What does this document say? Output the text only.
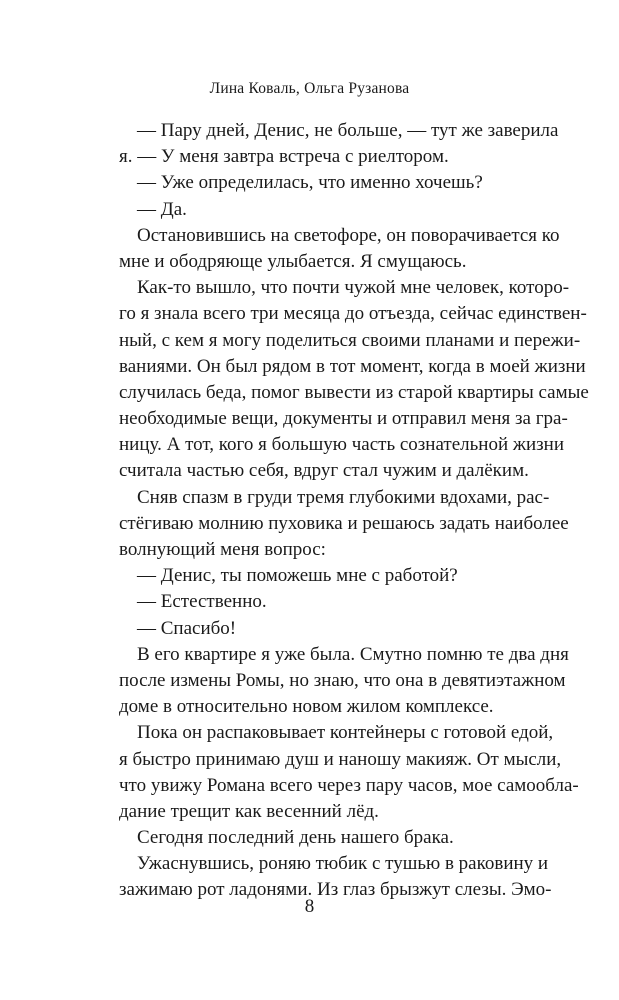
Лина Коваль, Ольга Рузанова
— Пару дней, Денис, не больше, — тут же заверила
я. — У меня завтра встреча с риелтором.
— Уже определилась, что именно хочешь?
— Да.
Остановившись на светофоре, он поворачивается ко
мне и ободряюще улыбается. Я смущаюсь.
Как-то вышло, что почти чужой мне человек, которо-
го я знала всего три месяца до отъезда, сейчас единствен-
ный, с кем я могу поделиться своими планами и пережи-
ваниями. Он был рядом в тот момент, когда в моей жизни
случилась беда, помог вывести из старой квартиры самые
необходимые вещи, документы и отправил меня за гра-
ницу. А тот, кого я большую часть сознательной жизни
считала частью себя, вдруг стал чужим и далёким.
Сняв спазм в груди тремя глубокими вдохами, рас-
стёгиваю молнию пуховика и решаюсь задать наиболее
волнующий меня вопрос:
— Денис, ты поможешь мне с работой?
— Естественно.
— Спасибо!
В его квартире я уже была. Смутно помню те два дня
после измены Ромы, но знаю, что она в девятиэтажном
доме в относительно новом жилом комплексе.
Пока он распаковывает контейнеры с готовой едой,
я быстро принимаю душ и наношу макияж. От мысли,
что увижу Романа всего через пару часов, мое самооблa-
дание трещит как весенний лёд.
Сегодня последний день нашего брака.
Ужаснувшись, роняю тюбик с тушью в раковину и
зажимаю рот ладонями. Из глаз брызжут слезы. Эмо-
8
